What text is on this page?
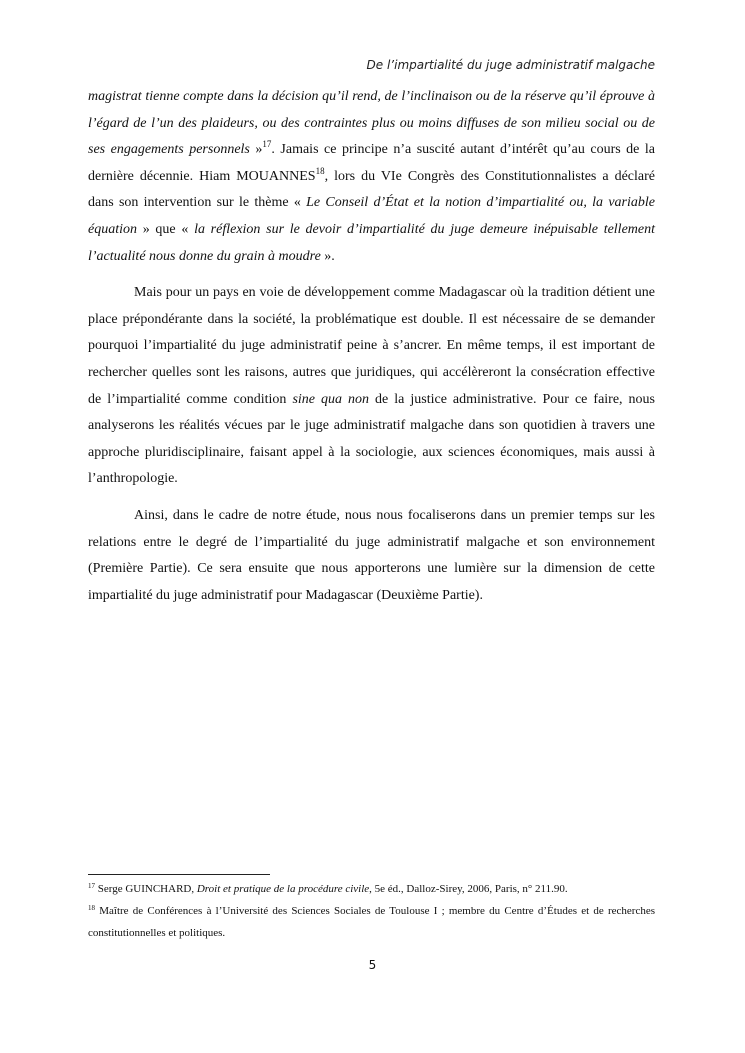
De l’impartialité du juge administratif malgache

magistrat tienne compte dans la décision qu’il rend, de l’inclinaison ou de la réserve qu’il éprouve à l’égard de l’un des plaideurs, ou des contraintes plus ou moins diffuses de son milieu social ou de ses engagements personnels »$^{17}$. Jamais ce principe n’a suscité autant d’intérêt qu’au cours de la dernière décennie. Hiam MOUANNES$^{18}$, lors du VIe Congrès des Constitutionnalistes a déclaré dans son intervention sur le thème « Le Conseil d’État et la notion d’impartialité ou, la variable équation » que « la réflexion sur le devoir d’impartialité du juge demeure inépuisable tellement l’actualité nous donne du grain à moudre ».

Mais pour un pays en voie de développement comme Madagascar où la tradition détient une place prépondérante dans la société, la problématique est double. Il est nécessaire de se demander pourquoi l’impartialité du juge administratif peine à s’ancrer. En même temps, il est important de rechercher quelles sont les raisons, autres que juridiques, qui accélèreront la consécration effective de l’impartialité comme condition sine qua non de la justice administrative. Pour ce faire, nous analyserons les réalités vécues par le juge administratif malgache dans son quotidien à travers une approche pluridisciplinaire, faisant appel à la sociologie, aux sciences économiques, mais aussi à l’anthropologie.

Ainsi, dans le cadre de notre étude, nous nous focaliserons dans un premier temps sur les relations entre le degré de l’impartialité du juge administratif malgache et son environnement (Première Partie). Ce sera ensuite que nous apporterons une lumière sur la dimension de cette impartialité du juge administratif pour Madagascar (Deuxième Partie).

$^{17}$ Serge GUINCHARD, Droit et pratique de la procédure civile, 5e éd., Dalloz-Sirey, 2006, Paris, n° 211.90.

$^{18}$ Maître de Conférences à l’Université des Sciences Sociales de Toulouse I ; membre du Centre d’Études et de recherches constitutionnelles et politiques.

5
